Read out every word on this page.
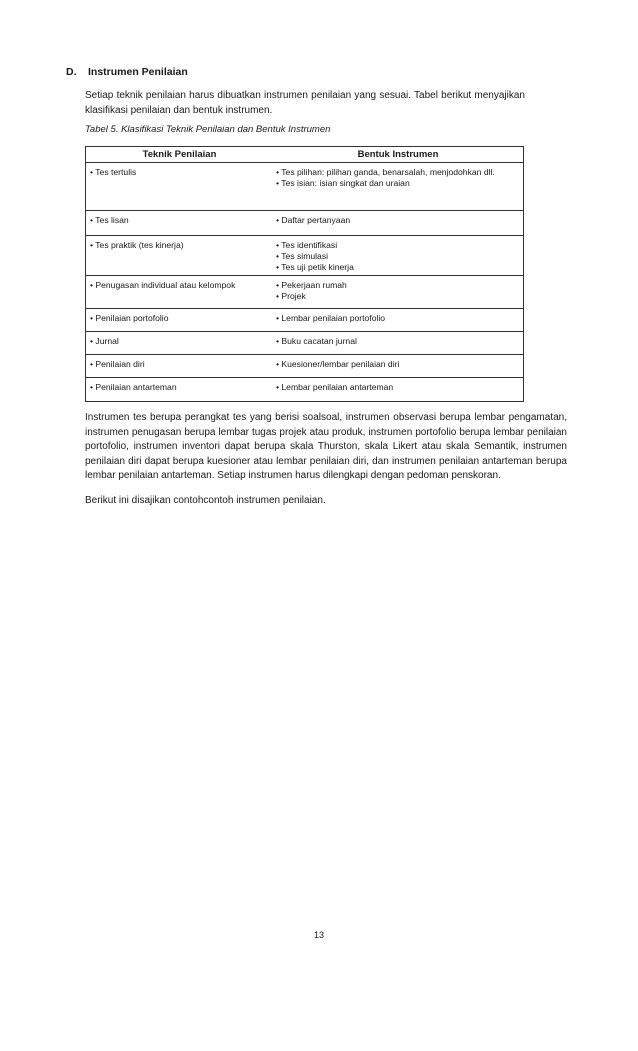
D.	Instrumen Penilaian
Setiap teknik penilaian harus dibuatkan instrumen penilaian yang sesuai. Tabel berikut menyajikan klasifikasi penilaian dan bentuk instrumen.
Tabel 5. Klasifikasi Teknik Penilaian dan Bentuk Instrumen
Teknik Penilaian	Bentuk Instrumen
• Tes tertulis	• Tes pilihan: pilihan ganda, benarsalah, menjodohkan dll.
• Tes isian: isian singkat dan uraian
• Tes lisan	• Daftar pertanyaan
• Tes praktik (tes kinerja)	• Tes identifikasi
• Tes simulasi
• Tes uji petik kinerja
• Penugasan individual atau kelompok	• Pekerjaan rumah
• Projek
• Penilaian portofolio	• Lembar penilaian portofolio
• Jurnal	• Buku cacatan jurnal
• Penilaian diri	• Kuesioner/lembar penilaian diri
• Penilaian antarteman	• Lembar penilaian antarteman
Instrumen tes berupa perangkat tes yang berisi soalsoal, instrumen observasi berupa lembar pengamatan, instrumen penugasan berupa lembar tugas projek atau produk, instrumen portofolio berupa lembar penilaian portofolio, instrumen inventori dapat berupa skala Thurston, skala Likert atau skala Semantik, instrumen penilaian diri dapat berupa kuesioner atau lembar penilaian diri, dan instrumen penilaian antarteman berupa lembar penilaian antarteman. Setiap instrumen harus dilengkapi dengan pedoman penskoran.
Berikut ini disajikan contohcontoh instrumen penilaian.
13
